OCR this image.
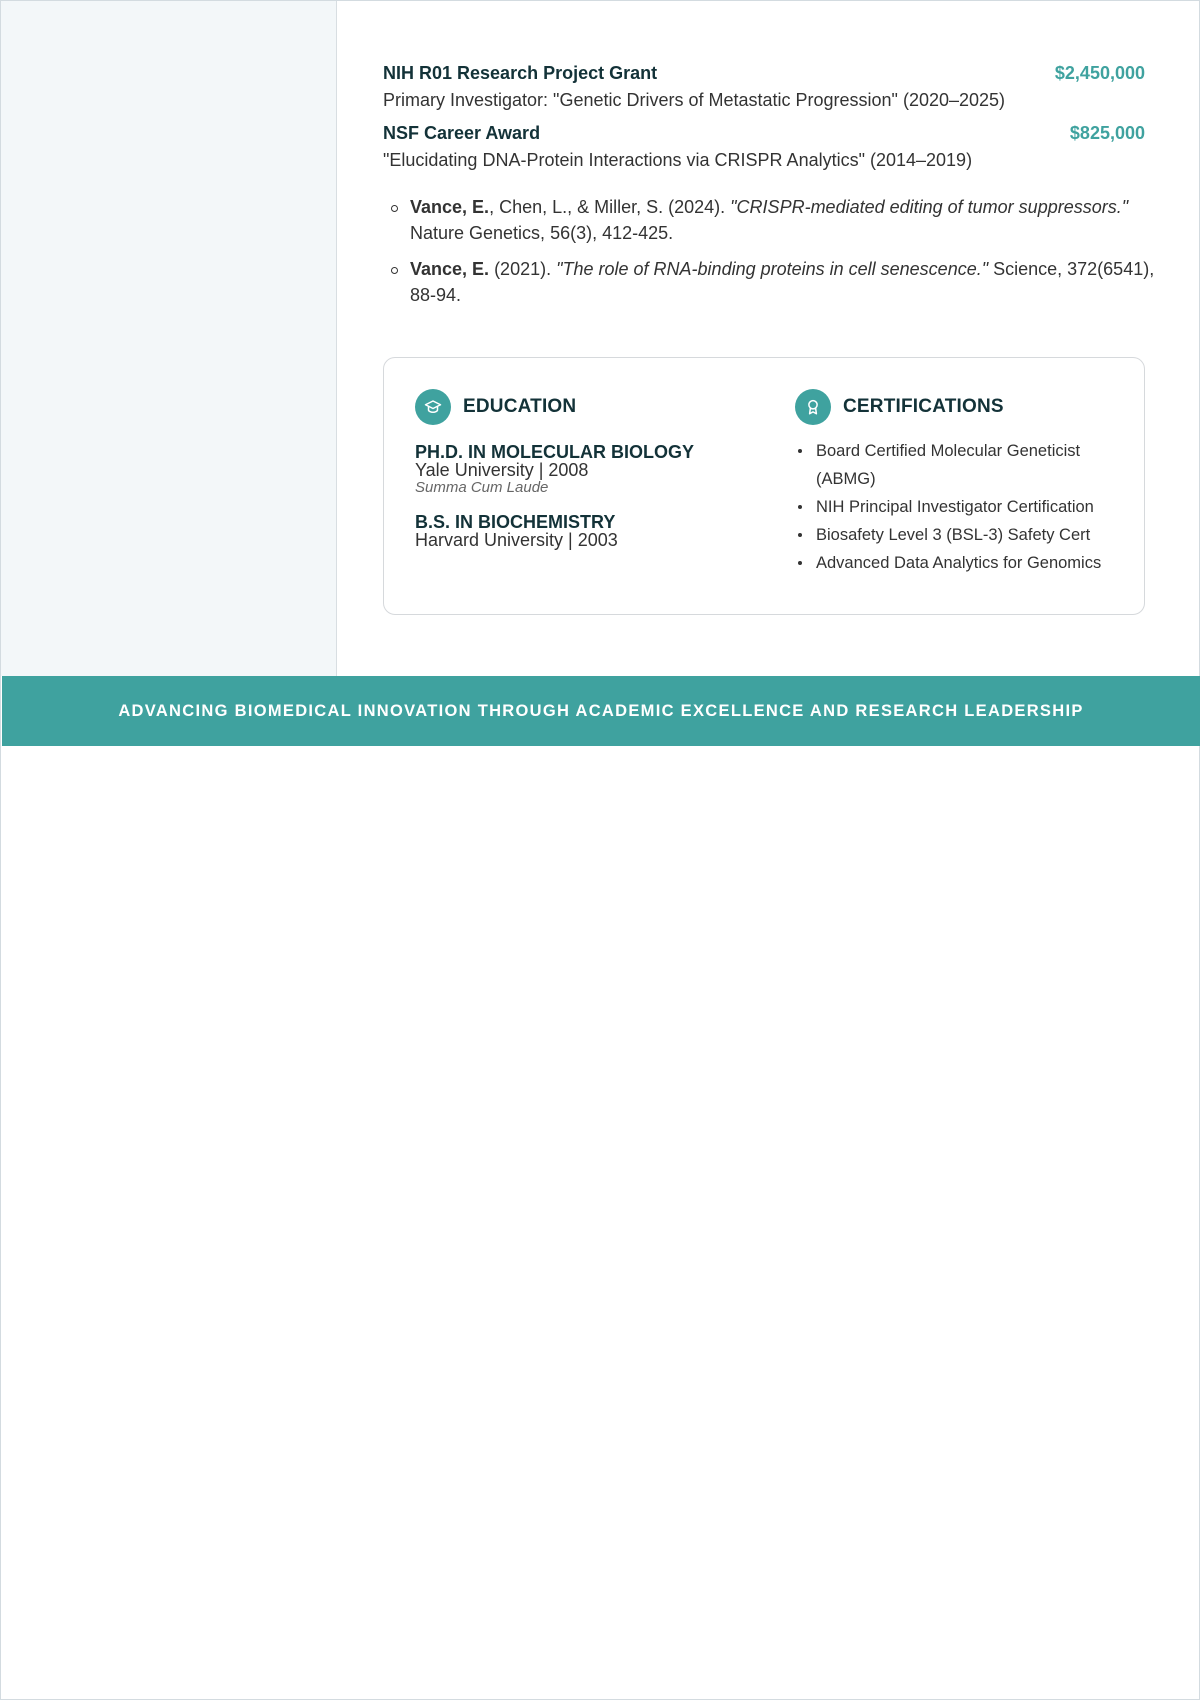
NIH R01 Research Project Grant	$2,450,000
Primary Investigator: "Genetic Drivers of Metastatic Progression" (2020–2025)
NSF Career Award	$825,000
"Elucidating DNA-Protein Interactions via CRISPR Analytics" (2014–2019)
Vance, E., Chen, L., & Miller, S. (2024). "CRISPR-mediated editing of tumor suppressors." Nature Genetics, 56(3), 412-425.
Vance, E. (2021). "The role of RNA-binding proteins in cell senescence." Science, 372(6541), 88-94.
EDUCATION
PH.D. IN MOLECULAR BIOLOGY
Yale University | 2008
Summa Cum Laude
B.S. IN BIOCHEMISTRY
Harvard University | 2003
CERTIFICATIONS
Board Certified Molecular Geneticist (ABMG)
NIH Principal Investigator Certification
Biosafety Level 3 (BSL-3) Safety Cert
Advanced Data Analytics for Genomics
ADVANCING BIOMEDICAL INNOVATION THROUGH ACADEMIC EXCELLENCE AND RESEARCH LEADERSHIP
